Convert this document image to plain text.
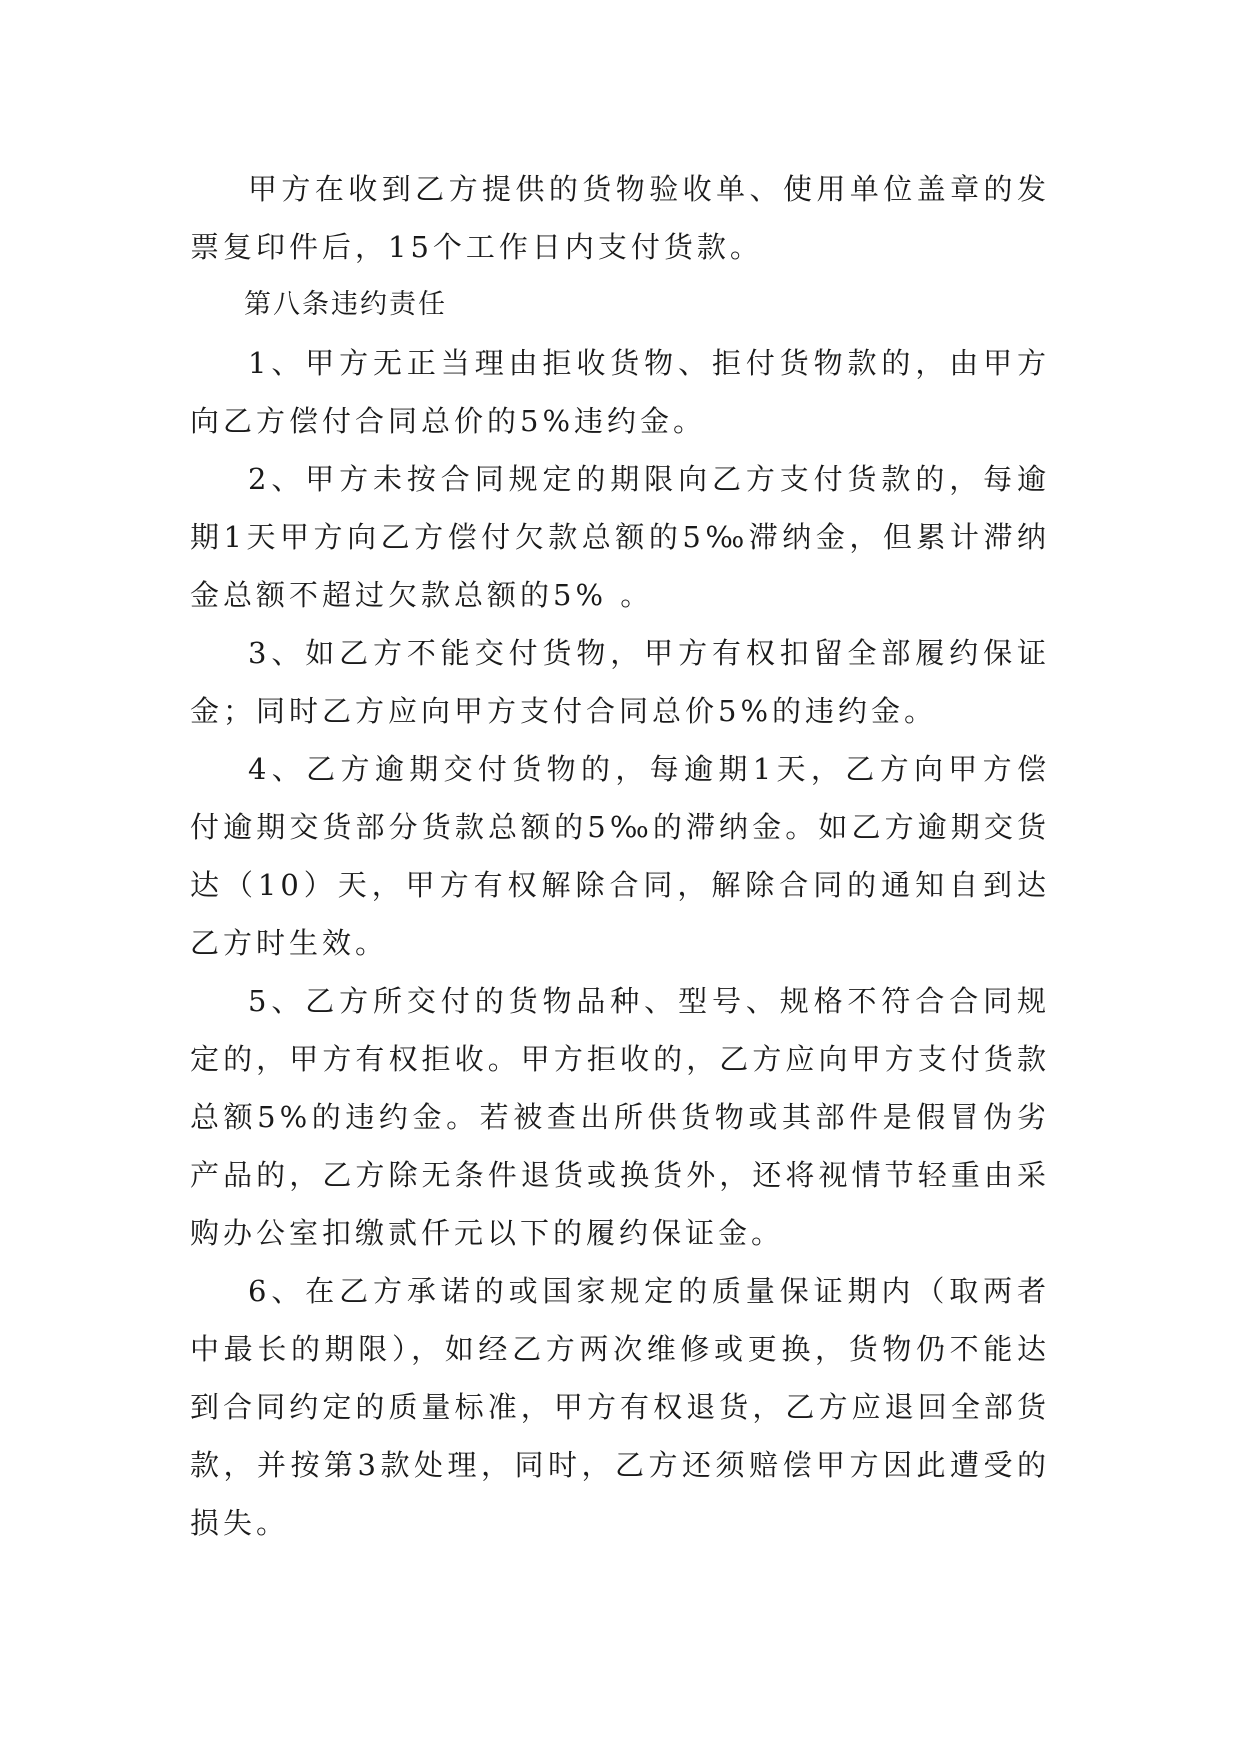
甲方在收到乙方提供的货物验收单、使用单位盖章的发票复印件后，15个工作日内支付货款。

第八条违约责任

1、甲方无正当理由拒收货物、拒付货物款的，由甲方向乙方偿付合同总价的5%违约金。

2、甲方未按合同规定的期限向乙方支付货款的，每逾期1天甲方向乙方偿付欠款总额的5‰滞纳金，但累计滞纳金总额不超过欠款总额的5% 。

3、如乙方不能交付货物，甲方有权扣留全部履约保证金；同时乙方应向甲方支付合同总价5%的违约金。

4、乙方逾期交付货物的，每逾期1天，乙方向甲方偿付逾期交货部分货款总额的5‰的滞纳金。如乙方逾期交货达（10）天，甲方有权解除合同，解除合同的通知自到达乙方时生效。

5、乙方所交付的货物品种、型号、规格不符合合同规定的，甲方有权拒收。甲方拒收的，乙方应向甲方支付货款总额5%的违约金。若被查出所供货物或其部件是假冒伪劣产品的，乙方除无条件退货或换货外，还将视情节轻重由采购办公室扣缴贰仟元以下的履约保证金。

6、在乙方承诺的或国家规定的质量保证期内（取两者中最长的期限），如经乙方两次维修或更换，货物仍不能达到合同约定的质量标准，甲方有权退货，乙方应退回全部货款，并按第3款处理，同时，乙方还须赔偿甲方因此遭受的损失。
